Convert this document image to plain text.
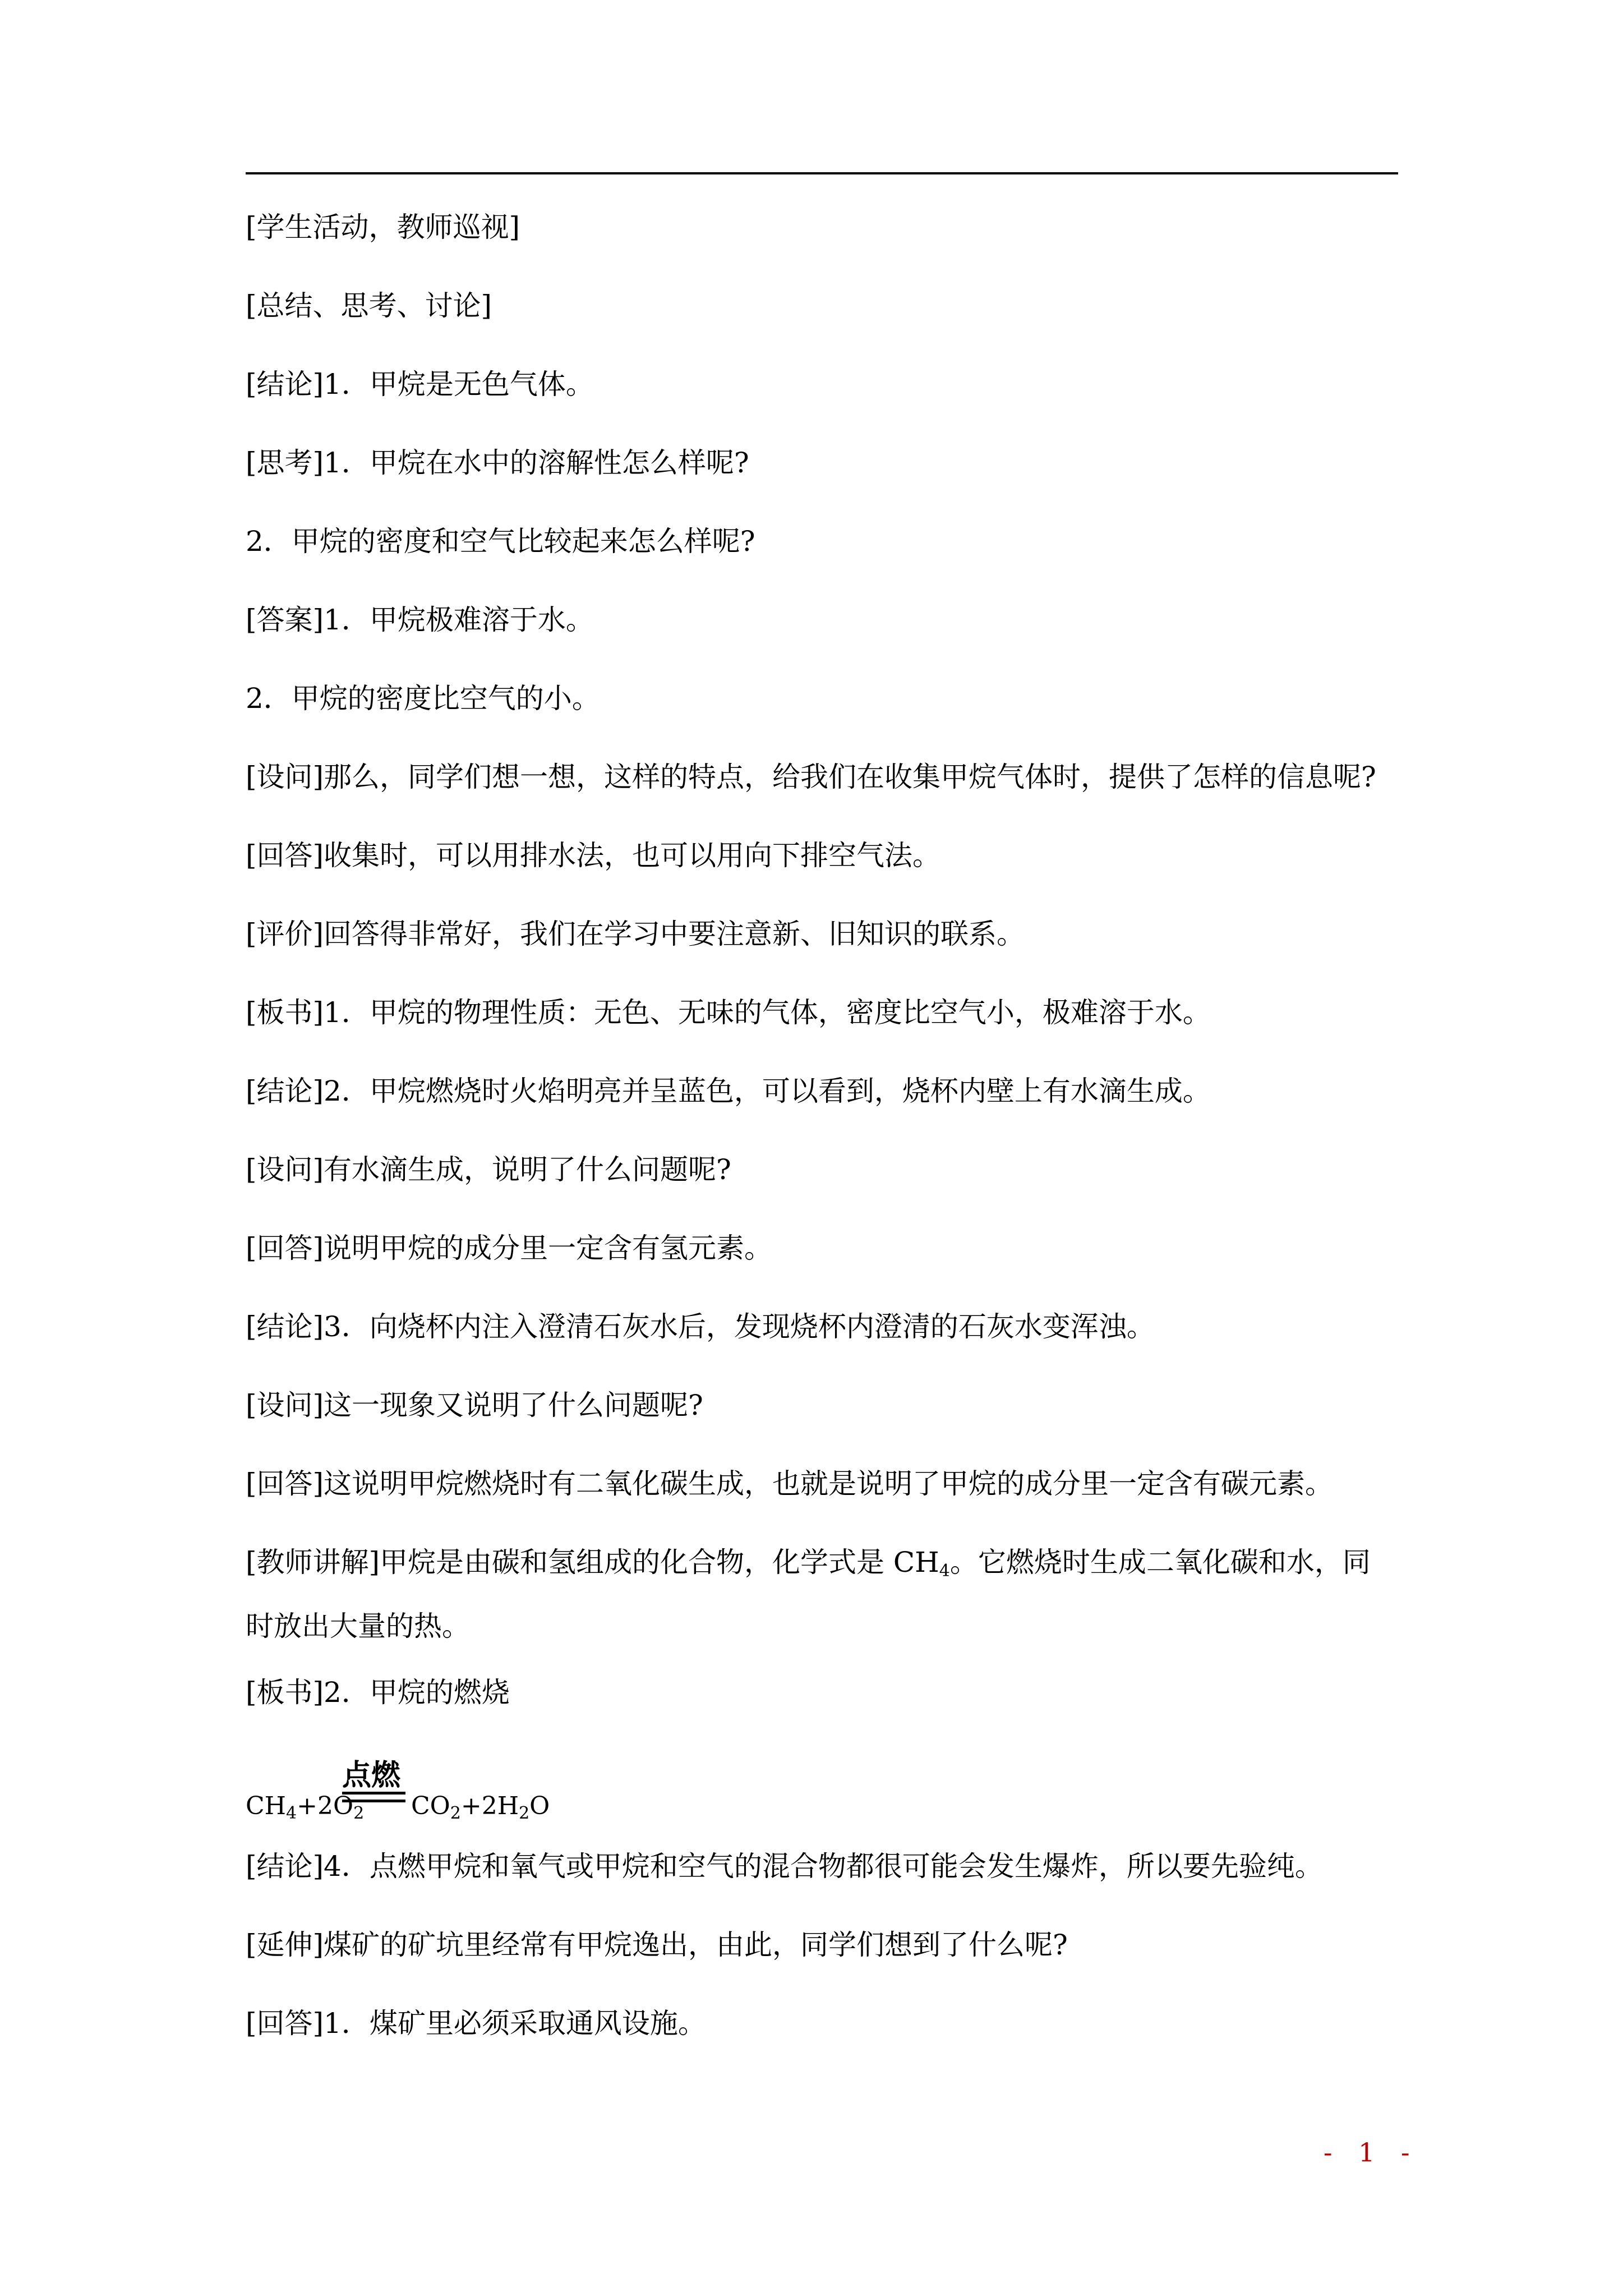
[学生活动，教师巡视]
[总结、思考、讨论]
[结论]1．甲烷是无色气体。
[思考]1．甲烷在水中的溶解性怎么样呢?
2．甲烷的密度和空气比较起来怎么样呢?
[答案]1．甲烷极难溶于水。
2．甲烷的密度比空气的小。
[设问]那么，同学们想一想，这样的特点，给我们在收集甲烷气体时，提供了怎样的信息呢?
[回答]收集时，可以用排水法，也可以用向下排空气法。
[评价]回答得非常好，我们在学习中要注意新、旧知识的联系。
[板书]1．甲烷的物理性质：无色、无味的气体，密度比空气小，极难溶于水。
[结论]2．甲烷燃烧时火焰明亮并呈蓝色，可以看到，烧杯内壁上有水滴生成。
[设问]有水滴生成，说明了什么问题呢?
[回答]说明甲烷的成分里一定含有氢元素。
[结论]3．向烧杯内注入澄清石灰水后，发现烧杯内澄清的石灰水变浑浊。
[设问]这一现象又说明了什么问题呢?
[回答]这说明甲烷燃烧时有二氧化碳生成，也就是说明了甲烷的成分里一定含有碳元素。
[教师讲解]甲烷是由碳和氢组成的化合物，化学式是 $CH_4$。它燃烧时生成二氧化碳和水，同时放出大量的热。
[板书]2．甲烷的燃烧
$CH_4+2O_2$
点燃
$CO_2+2H_2O$
[结论]4．点燃甲烷和氧气或甲烷和空气的混合物都很可能会发生爆炸，所以要先验纯。
[延伸]煤矿的矿坑里经常有甲烷逸出，由此，同学们想到了什么呢?
[回答]1．煤矿里必须采取通风设施。
- 1 -
